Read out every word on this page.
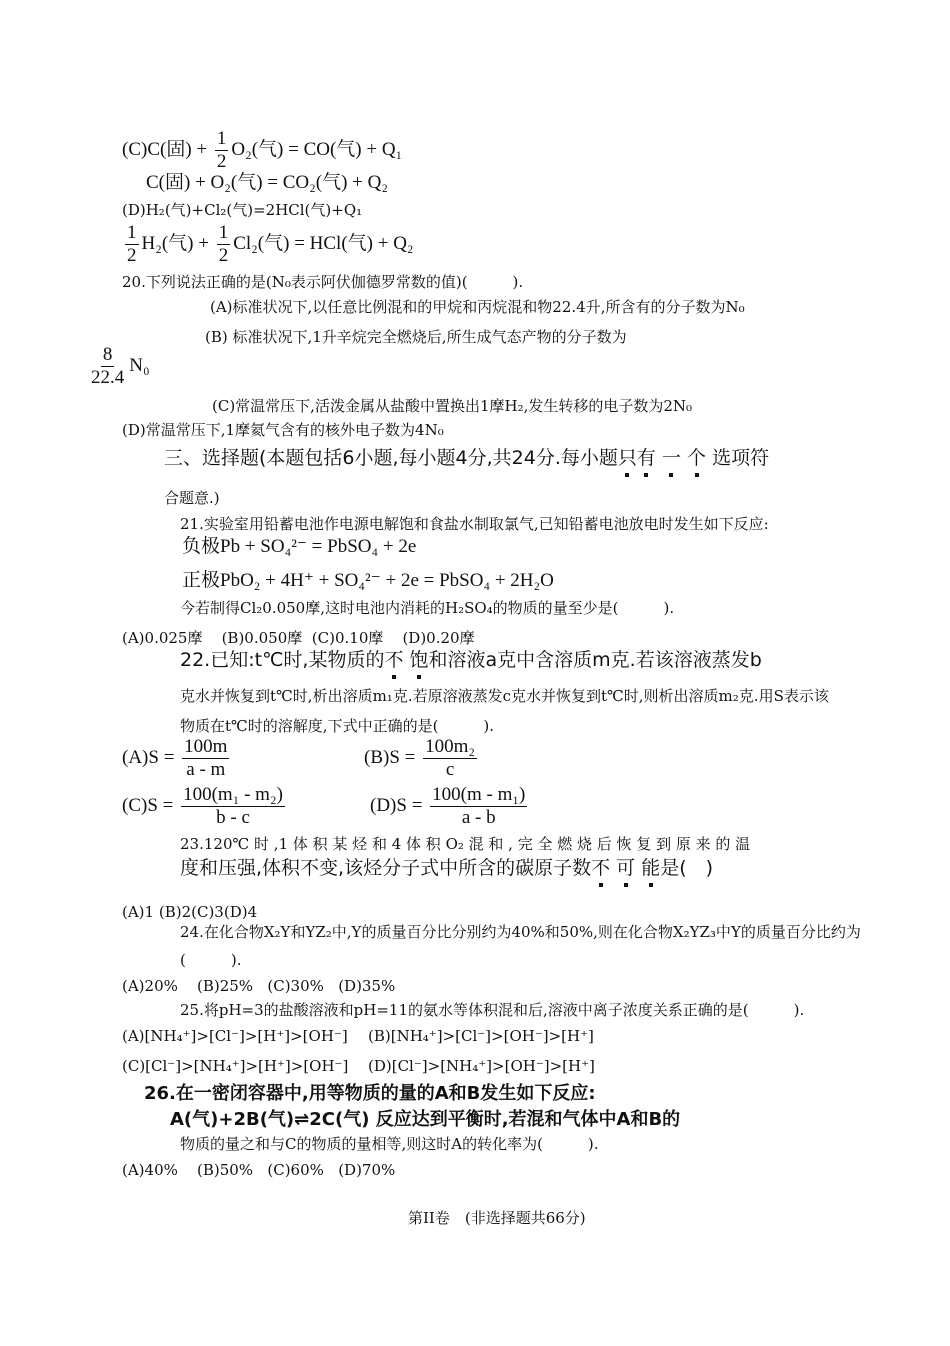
(C)C(固) + $\frac{1}{2} O_2$(气) = CO(气) + Q₁
C(固) + O₂(气) = CO₂(气) + Q₂
(D)H₂(气)+Cl₂(气)=2HCl(气)+Q₁
$\frac{1}{2} H_2$(气) + $\frac{1}{2} Cl_2$(气) = HCl(气) + Q₂
20.下列说法正确的是(N₀表示阿伏伽德罗常数的值)(　　　).
(A)标准状况下,以任意比例混和的甲烷和丙烷混和物22.4升,所含有的分子数为N₀
(B) 标准状况下,1升辛烷完全燃烧后,所生成气态产物的分子数为
$\frac{8}{22.4} N_0$
(C)常温常压下,活泼金属从盐酸中置换出1摩H₂,发生转移的电子数为2N₀
(D)常温常压下,1摩氦气含有的核外电子数为4N₀
三、选择题(本题包括6小题,每小题4分,共24分.每小题只有 一 个 选项符
合题意.)
21.实验室用铅蓄电池作电源电解饱和食盐水制取氯气,已知铅蓄电池放电时发生如下反应:
负极Pb + SO₄²⁻ = PbSO₄ + 2e
正极PbO₂ + 4H⁺ + SO₄²⁻ + 2e = PbSO₄ + 2H₂O
今若制得Cl₂0.050摩,这时电池内消耗的H₂SO₄的物质的量至少是(　　　).
(A)0.025摩 (B)0.050摩 (C)0.10摩 (D)0.20摩
22.已知:t℃时,某物质的不 饱和溶液a克中含溶质m克.若该溶液蒸发b
克水并恢复到t℃时,析出溶质m₁克.若原溶液蒸发c克水并恢复到t℃时,则析出溶质m₂克.用S表示该
物质在t℃时的溶解度,下式中正确的是(　　　).
$(A)S = \frac{100m}{a - m}$	$(B)S = \frac{\text{100m₂}}{c}$
$(C)S = \frac{\text{100(m₁ - m₂)}}{b - c}$	$(D)S = \frac{\text{100(m - m₁)}}{a - b}$
23.120℃ 时 ,1 体 积 某 烃 和 4 体 积 O₂ 混 和 , 完 全 燃 烧 后 恢 复 到 原 来 的 温
度和压强,体积不变,该烃分子式中所含的碳原子数不 可 能是(　)
(A)1 (B)2(C)3(D)4
24.在化合物X₂Y和YZ₂中,Y的质量百分比分别约为40%和50%,则在化合物X₂YZ₃中Y的质量百分比约为
(　　　).
(A)20% (B)25% (C)30% (D)35%
25.将pH=3的盐酸溶液和pH=11的氨水等体积混和后,溶液中离子浓度关系正确的是(　　　).
(A)[NH₄⁺]>[Cl⁻]>[H⁺]>[OH⁻] (B)[NH₄⁺]>[Cl⁻]>[OH⁻]>[H⁺]
(C)[Cl⁻]>[NH₄⁺]>[H⁺]>[OH⁻] (D)[Cl⁻]>[NH₄⁺]>[OH⁻]>[H⁺]
26.在一密闭容器中,用等物质的量的A和B发生如下反应:
A(气)+2B(气)⇌2C(气) 反应达到平衡时,若混和气体中A和B的
物质的量之和与C的物质的量相等,则这时A的转化率为(　　　).
(A)40% (B)50% (C)60% (D)70%
第II卷　(非选择题共66分)
